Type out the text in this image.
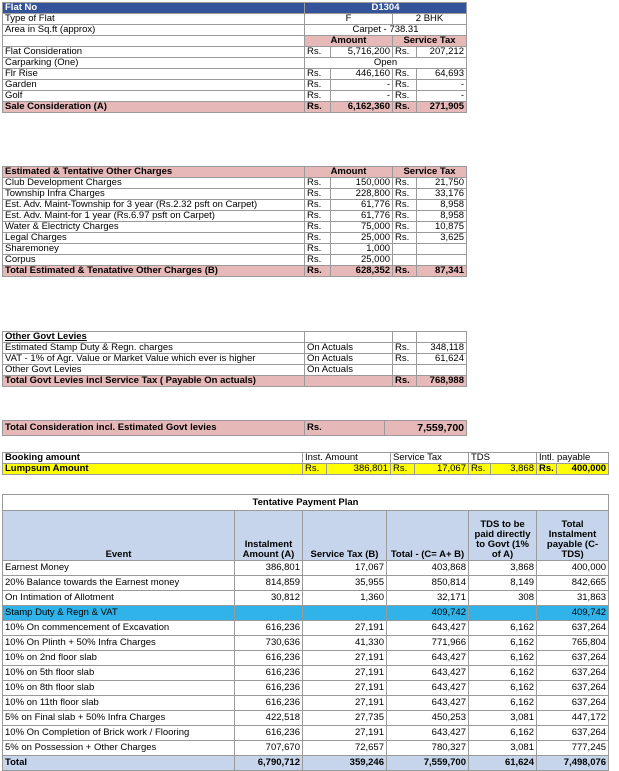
Flat No	D1304			
Type of Flat	F		2 BHK	
Area in Sq.ft (approx)	Carpet - 738.31			
	Amount		Service Tax	
Flat Consideration	Rs.	5,716,200	Rs.	207,212
Carparking (One)	Open			
Flr Rise	Rs.	446,160	Rs.	64,693
Garden	Rs.	-	Rs.	-
Golf	Rs.	-	Rs.	-
Sale Consideration (A)	Rs.	6,162,360	Rs.	271,905
Estimated & Tentative Other Charges	Amount		Service Tax	
Club Development Charges	Rs.	150,000	Rs.	21,750
Township Infra Charges	Rs.	228,800	Rs.	33,176
Est. Adv. Maint-Township for 3 year (Rs.2.32 psft on Carpet)	Rs.	61,776	Rs.	8,958
Est. Adv. Maint-for 1 year (Rs.6.97 psft on Carpet)	Rs.	61,776	Rs.	8,958
Water & Electricty Charges	Rs.	75,000	Rs.	10,875
Legal Charges	Rs.	25,000	Rs.	3,625
Sharemoney	Rs.	1,000		
Corpus	Rs.	25,000		
Total Estimated & Tenatative Other Charges (B)	Rs.	628,352	Rs.	87,341
Other Govt Levies			
Estimated Stamp Duty & Regn. charges	On Actuals	Rs.	348,118
VAT - 1% of Agr. Value or Market Value which ever is higher	On Actuals	Rs.	61,624
Other Govt Levies	On Actuals		
Total Govt Levies incl Service Tax ( Payable On actuals)		Rs.	768,988
Total Consideration incl. Estimated Govt levies	Rs.	7,559,700
Booking amount	Inst. Amount		Service Tax		TDS		Intl. payable	
Lumpsum Amount	Rs.	386,801	Rs.	17,067	Rs.	3,868	Rs.	400,000
Tentative Payment Plan					
Event	Instalment Amount (A)	Service Tax (B)	Total - (C= A+ B)	TDS to be paid directly to Govt (1% of A)	Total Instalment payable (C-TDS)
Earnest Money	386,801	17,067	403,868	3,868	400,000
20% Balance towards the Earnest money	814,859	35,955	850,814	8,149	842,665
On Intimation of Allotment	30,812	1,360	32,171	308	31,863
Stamp Duty & Regn & VAT			409,742		409,742
10% On commencement of Excavation	616,236	27,191	643,427	6,162	637,264
10% On Plinth + 50% Infra Charges	730,636	41,330	771,966	6,162	765,804
10% on 2nd floor slab	616,236	27,191	643,427	6,162	637,264
10% on 5th floor slab	616,236	27,191	643,427	6,162	637,264
10% on 8th floor slab	616,236	27,191	643,427	6,162	637,264
10% on 11th floor slab	616,236	27,191	643,427	6,162	637,264
5% on Final slab + 50% Infra Charges	422,518	27,735	450,253	3,081	447,172
10% On Completion of Brick work / Flooring	616,236	27,191	643,427	6,162	637,264
5% on Possession + Other Charges	707,670	72,657	780,327	3,081	777,245
Total	6,790,712	359,246	7,559,700	61,624	7,498,076
